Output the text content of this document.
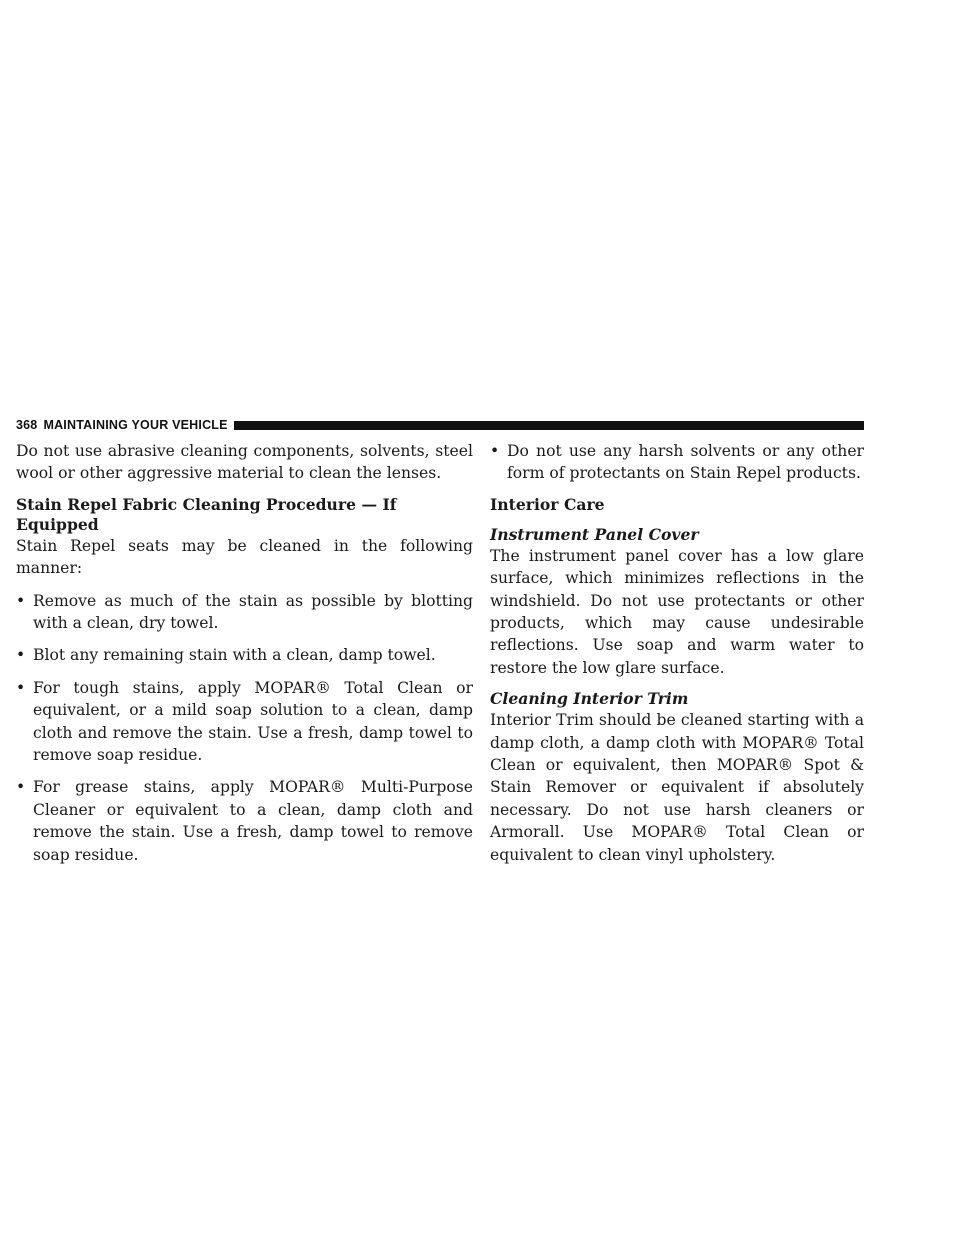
368 MAINTAINING YOUR VEHICLE

Do not use abrasive cleaning components, solvents, steel wool or other aggressive material to clean the lenses.

Stain Repel Fabric Cleaning Procedure — If Equipped

Stain Repel seats may be cleaned in the following manner:

• Remove as much of the stain as possible by blotting with a clean, dry towel.
• Blot any remaining stain with a clean, damp towel.
• For tough stains, apply MOPAR® Total Clean or equivalent, or a mild soap solution to a clean, damp cloth and remove the stain. Use a fresh, damp towel to remove soap residue.
• For grease stains, apply MOPAR® Multi-Purpose Cleaner or equivalent to a clean, damp cloth and remove the stain. Use a fresh, damp towel to remove soap residue.
• Do not use any harsh solvents or any other form of protectants on Stain Repel products.
Interior Care
Instrument Panel Cover

The instrument panel cover has a low glare surface, which minimizes reflections in the windshield. Do not use protectants or other products, which may cause undesirable reflections. Use soap and warm water to restore the low glare surface.

Cleaning Interior Trim

Interior Trim should be cleaned starting with a damp cloth, a damp cloth with MOPAR® Total Clean or equivalent, then MOPAR® Spot & Stain Remover or equivalent if absolutely necessary. Do not use harsh cleaners or Armorall. Use MOPAR® Total Clean or equivalent to clean vinyl upholstery.
